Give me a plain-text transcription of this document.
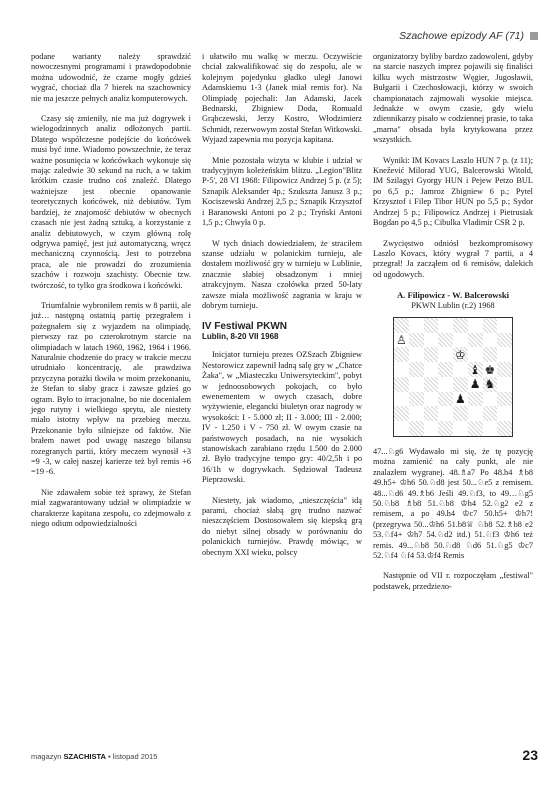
Szachowe epizody AF (71)

podane warianty należy sprawdzić nowoczesnymi programami i prawdopodobnie można udowodnić, że czarne mogły gdzieś wygrać, chociaż dla 7 bierek na szachownicy nie ma jeszcze pełnych analiz komputerowych.

Czasy się zmieniły, nie ma już dogrywek i wielogodzinnych analiz odłożonych partii. Dlatego współczesne podejście do końcówek musi być inne. Wiadomo powszechnie, że teraz ważne posunięcia w końcówkach wykonuje się mając zaledwie 30 sekund na ruch, a w takim krótkim czasie trudno coś znaleźć. Dlatego ważniejsze jest obecnie opanowanie teoretycznych końcówek, niż debiutów. Tym bardziej, że znajomość debiutów w obecnych czasach nie jest żadną sztuką, a korzystanie z analiz debiutowych, w czym główną rolę odgrywa pamięć, jest już automatyczną, wręcz mechaniczną czynnością. Jest to potrzebna praca, ale nie prowadzi do zrozumienia szachów i rozwoju szachisty. Obecnie tzw. twórczość, to tylko gra środkowa i końcówki.

Triumfalnie wybroniłem remis w 8 partii, ale już… następną ostatnią partię przegrałem i pożegnałem się z wyjazdem na olimpiadę, pierwszy raz po czterokrotnym starcie na olimpiadach w latach 1960, 1962, 1964 i 1966. Naturalnie chodzenie do pracy w trakcie meczu utrudniało koncentrację, ale prawdziwa przyczyna porażki tkwiła w moim przekonaniu, że Stefan to słaby gracz i zawsze gdzieś go ogram. Było to irracjonalne, bo nie doceniałem jego rutyny i wielkiego sprytu, ale niestety miało istotny wpływ na przebieg meczu. Przekonanie było silniejsze od faktów. Nie brałem nawet pod uwagę naszego bilansu rozegranych partii, który meczem wynosił +3 =9 -3, w całej naszej karierze też był remis +6 =19 -6.

Nie zdawałem sobie też sprawy, że Stefan miał zagwarantowany udział w olimpiadzie w charakterze kapitana zespołu, co zdejmowało z niego odium odpowiedzialności

i ułatwiło mu walkę w meczu. Oczywiście chciał zakwalifikować się do zespołu, ale w kolejnym pojedynku gładko uległ Janowi Adamskiemu 1-3 (Janek miał remis for). Na Olimpiadę pojechali: Jan Adamski, Jacek Bednarski, Zbigniew Doda, Romuald Grąbczewski, Jerzy Kostro, Włodzimierz Schmidt, rezerwowym został Stefan Witkowski. Wyjazd zapewnia mu pozycja kapitana.

Mnie pozostała wizyta w klubie i udział w tradycyjnym koleżeńskim blitzu. „Legion"Blitz P-5', 28 VI 1968: Filipowicz Andrzej 5 p. (z 5); Sznapik Aleksander 4p.; Szukszta Janusz 3 p.; Kociszewski Andrzej 2,5 p.; Sznapik Krzysztof i Baranowski Antoni po 2 p.; Tryński Antoni 1,5 p.; Chwyła 0 p.

W tych dniach dowiedziałem, że straciłem szanse udziału w polanickim turnieju, ale dostałem możliwość gry w turnieju w Lublinie, znacznie słabiej obsadzonym i mniej atrakcyjnym. Nasza czołówka przed 50-laty zawsze miała możliwość zagrania w kraju w dobrym turnieju.

IV Festiwal PKWN
Lublin, 8-20 VII 1968

Inicjator turnieju prezes OZSzach Zbigniew Nestorowicz zapewnił ładną salę gry w „Chatce Żaka", w „Miasteczku Uniwersyteckim", pobyt w jednoosobowych pokojach, co było ewenementem w owych czasach, dobre wyżywienie, elegancki biuletyn oraz nagrody w wysokości: I - 5.000 zł; II - 3.000; III - 2.000; IV - 1.250 i V - 750 zł. W owym czasie na państwowych posadach, na nie wysokich stanowiskach zarabiano rzędu 1.500 do 2.000 zł. Było tradycyjne tempo gry: 40/2,5h i po 16/1h w dogrywkach. Sędziował Tadeusz Pieprzowski.

Niestety, jak wiadomo, „nieszczęścia" idą parami, chociaż słabą grę trudno nazwać nieszczęściem Dostosowałem się kiepską grą do niebyt silnej obsady w porównaniu do polanickich turniejów. Prawdę mówiąc, w obecnym XXI wieku, polscy

organizatorzy byliby bardzo zadowoleni, gdyby na starcie naszych imprez pojawili się finaliści kilku wych mistrzostw Węgier, Jugosławii, Bułgarii i Czechosłowacji, którzy w swoich championatach zajmowali wysokie miejsca. Jednakże w owym czasie, gdy wielu zdiennikarzy pisało w codziennej prasie, to taka „marna" obsada była krytykowana przez wszystkich.

Wyniki: IM Kovacs Laszlo HUN 7 p. (z 11); Knežević Milorad YUG, Balcerowski Witold, IM Szilagyi Gyorgy HUN i Pejew Petzo BUL po 6,5 p.; Jamroz Zbigniew 6 p.; Pytel Krzysztof i Filep Tibor HUN po 5,5 p.; Sydor Andrzej 5 p.; Filipowicz Andrzej i Pietrusiak Bogdan po 4,5 p.; Cibulka Vladimir CSR 2 p.

Zwycięstwo odniósł bezkompromisowy Laszlo Kovacs, który wygrał 7 partii, a 4 przegrał! Ja zacząłem od 6 remisów, dalekich od ugodowych.

A. Filipowicz - W. Balcerowski
PKWN Lublin (r.2) 1968
♙
♔
♝ ♚
♟ ♞
♟

47...♘g6 Wydawało mi się, że tę pozycję można zamienić na cały punkt, ale nie znalazłem wygranej. 48.♗a7 Po 48.h4 ♗b8 49.h5+ ♔h6 50.♘d8 jest 50...♘e5 z remisem. 48...♘d6 49.♗b6 Jeśli 49.♘f3, to 49…♘g5 50.♘b8 ♗b8 51.♘b8 ♔h4 52.♘g2 e2 z remisem, a po 49.h4 ♔c7 50.h5+ ♔h7! (przegrywa 50...♔h6 51.b8♕ ♘b8 52.♗b8 e2 53.♘f4+ ♔h7 54.♘d2 itd.) 51.♘f3 ♔h6 też remis. 49...♘b8 50.♘d8 ♘d6 51.♘g5 ♔c7 52.♘f4 ♘f4 53.♔f4 Remis

Następnie od VII r. rozpoczęłam „festiwal" podstawek, przedziело-

magazyn SZACHISTA ▪ listopad 2015	23
